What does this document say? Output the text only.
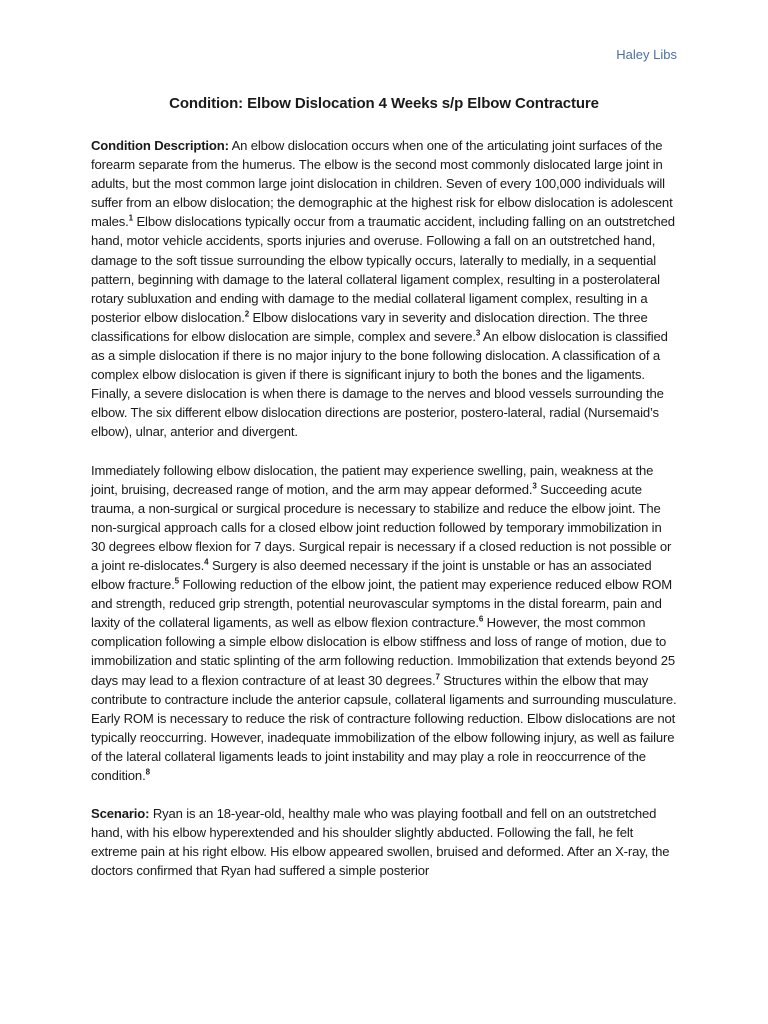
Haley Libs
Condition: Elbow Dislocation 4 Weeks s/p Elbow Contracture

Condition Description: An elbow dislocation occurs when one of the articulating joint surfaces of the forearm separate from the humerus. The elbow is the second most commonly dislocated large joint in adults, but the most common large joint dislocation in children. Seven of every 100,000 individuals will suffer from an elbow dislocation; the demographic at the highest risk for elbow dislocation is adolescent males.$^1$ Elbow dislocations typically occur from a traumatic accident, including falling on an outstretched hand, motor vehicle accidents, sports injuries and overuse. Following a fall on an outstretched hand, damage to the soft tissue surrounding the elbow typically occurs, laterally to medially, in a sequential pattern, beginning with damage to the lateral collateral ligament complex, resulting in a posterolateral rotary subluxation and ending with damage to the medial collateral ligament complex, resulting in a posterior elbow dislocation.$^2$ Elbow dislocations vary in severity and dislocation direction. The three classifications for elbow dislocation are simple, complex and severe.$^3$ An elbow dislocation is classified as a simple dislocation if there is no major injury to the bone following dislocation. A classification of a complex elbow dislocation is given if there is significant injury to both the bones and the ligaments. Finally, a severe dislocation is when there is damage to the nerves and blood vessels surrounding the elbow. The six different elbow dislocation directions are posterior, postero-lateral, radial (Nursemaid’s elbow), ulnar, anterior and divergent.

Immediately following elbow dislocation, the patient may experience swelling, pain, weakness at the joint, bruising, decreased range of motion, and the arm may appear deformed.$^3$ Succeeding acute trauma, a non-surgical or surgical procedure is necessary to stabilize and reduce the elbow joint. The non-surgical approach calls for a closed elbow joint reduction followed by temporary immobilization in 30 degrees elbow flexion for 7 days. Surgical repair is necessary if a closed reduction is not possible or a joint re-dislocates.$^4$ Surgery is also deemed necessary if the joint is unstable or has an associated elbow fracture.$^5$ Following reduction of the elbow joint, the patient may experience reduced elbow ROM and strength, reduced grip strength, potential neurovascular symptoms in the distal forearm, pain and laxity of the collateral ligaments, as well as elbow flexion contracture.$^6$ However, the most common complication following a simple elbow dislocation is elbow stiffness and loss of range of motion, due to immobilization and static splinting of the arm following reduction. Immobilization that extends beyond 25 days may lead to a flexion contracture of at least 30 degrees.$^7$ Structures within the elbow that may contribute to contracture include the anterior capsule, collateral ligaments and surrounding musculature. Early ROM is necessary to reduce the risk of contracture following reduction. Elbow dislocations are not typically reoccurring. However, inadequate immobilization of the elbow following injury, as well as failure of the lateral collateral ligaments leads to joint instability and may play a role in reoccurrence of the condition.$^8$

Scenario: Ryan is an 18-year-old, healthy male who was playing football and fell on an outstretched hand, with his elbow hyperextended and his shoulder slightly abducted. Following the fall, he felt extreme pain at his right elbow. His elbow appeared swollen, bruised and deformed. After an X-ray, the doctors confirmed that Ryan had suffered a simple posterior
